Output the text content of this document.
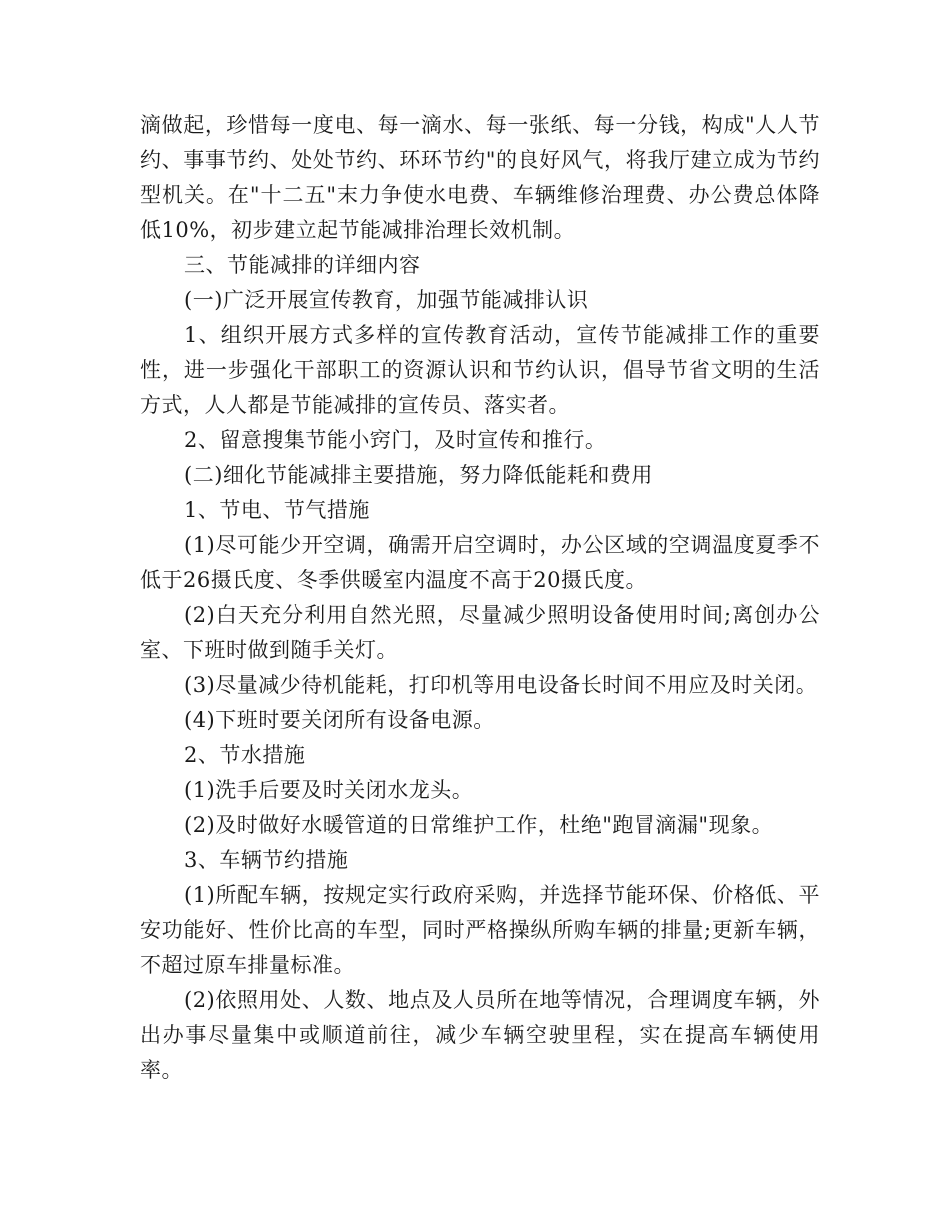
滴做起，珍惜每一度电、每一滴水、每一张纸、每一分钱，构成"人人节约、事事节约、处处节约、环环节约"的良好风气，将我厅建立成为节约型机关。在"十二五"末力争使水电费、车辆维修治理费、办公费总体降低10%，初步建立起节能减排治理长效机制。

三、节能减排的详细内容

(一)广泛开展宣传教育，加强节能减排认识

1、组织开展方式多样的宣传教育活动，宣传节能减排工作的重要性，进一步强化干部职工的资源认识和节约认识，倡导节省文明的生活方式，人人都是节能减排的宣传员、落实者。

2、留意搜集节能小窍门，及时宣传和推行。

(二)细化节能减排主要措施，努力降低能耗和费用

1、节电、节气措施

(1)尽可能少开空调，确需开启空调时，办公区域的空调温度夏季不低于26摄氏度、冬季供暖室内温度不高于20摄氏度。

(2)白天充分利用自然光照，尽量减少照明设备使用时间;离创办公室、下班时做到随手关灯。

(3)尽量减少待机能耗，打印机等用电设备长时间不用应及时关闭。

(4)下班时要关闭所有设备电源。

2、节水措施

(1)洗手后要及时关闭水龙头。

(2)及时做好水暖管道的日常维护工作，杜绝"跑冒滴漏"现象。

3、车辆节约措施

(1)所配车辆，按规定实行政府采购，并选择节能环保、价格低、平安功能好、性价比高的车型，同时严格操纵所购车辆的排量;更新车辆，不超过原车排量标准。

(2)依照用处、人数、地点及人员所在地等情况，合理调度车辆，外出办事尽量集中或顺道前往，减少车辆空驶里程，实在提高车辆使用率。
